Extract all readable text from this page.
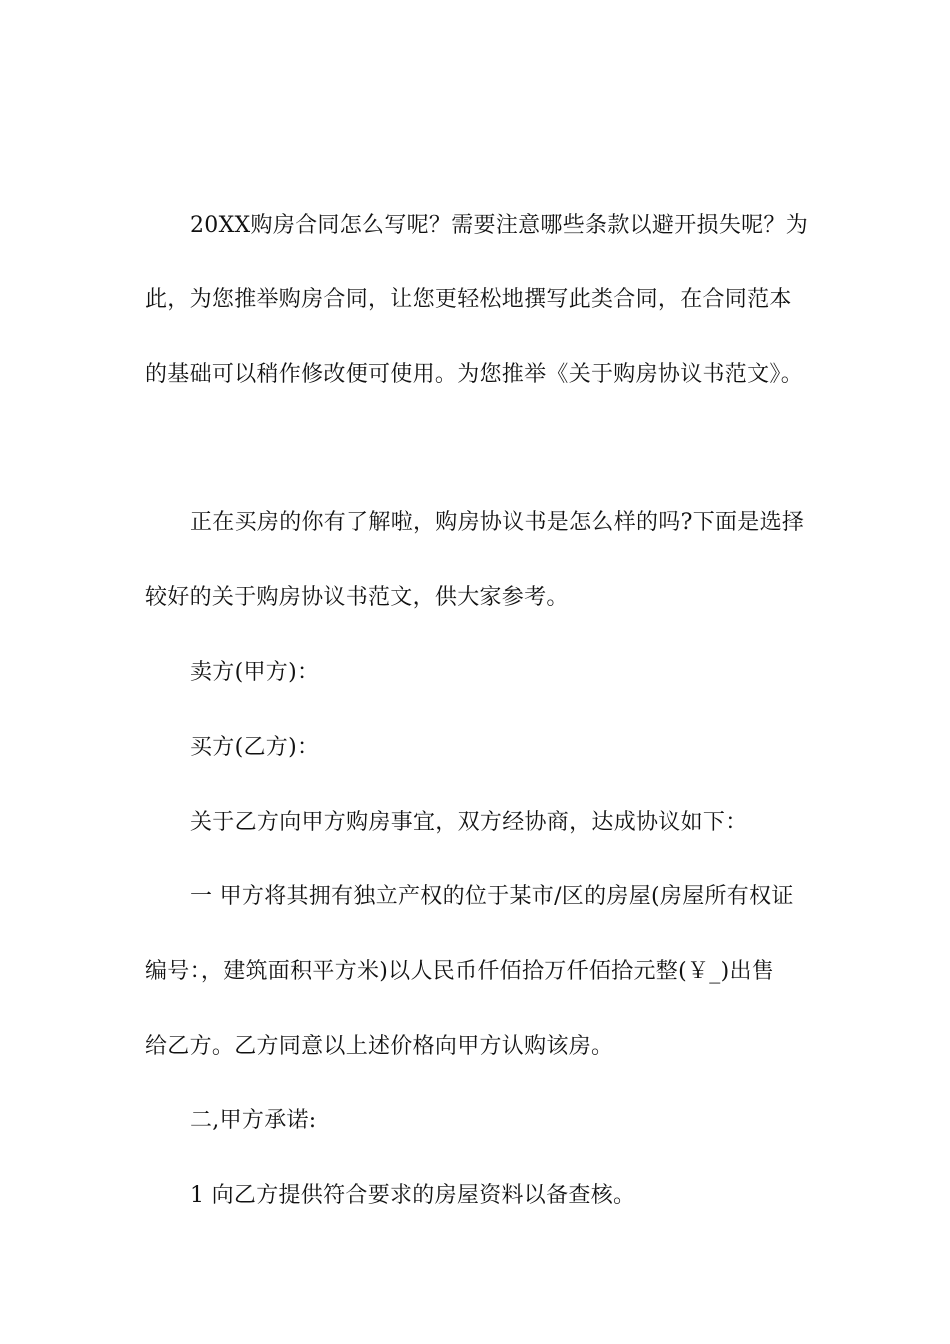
20XX购房合同怎么写呢？需要注意哪些条款以避开损失呢？为
此，为您推举购房合同，让您更轻松地撰写此类合同，在合同范本
的基础可以稍作修改便可使用。为您推举《关于购房协议书范文》。
正在买房的你有了解啦，购房协议书是怎么样的吗?下面是选择
较好的关于购房协议书范文，供大家参考。
卖方(甲方)：
买方(乙方)：
关于乙方向甲方购房事宜，双方经协商，达成协议如下：
一 甲方将其拥有独立产权的位于某市/区的房屋(房屋所有权证
编号：，建筑面积平方米)以人民币仟佰拾万仟佰拾元整(￥_)出售
给乙方。乙方同意以上述价格向甲方认购该房。
二,甲方承诺:
1 向乙方提供符合要求的房屋资料以备查核。
